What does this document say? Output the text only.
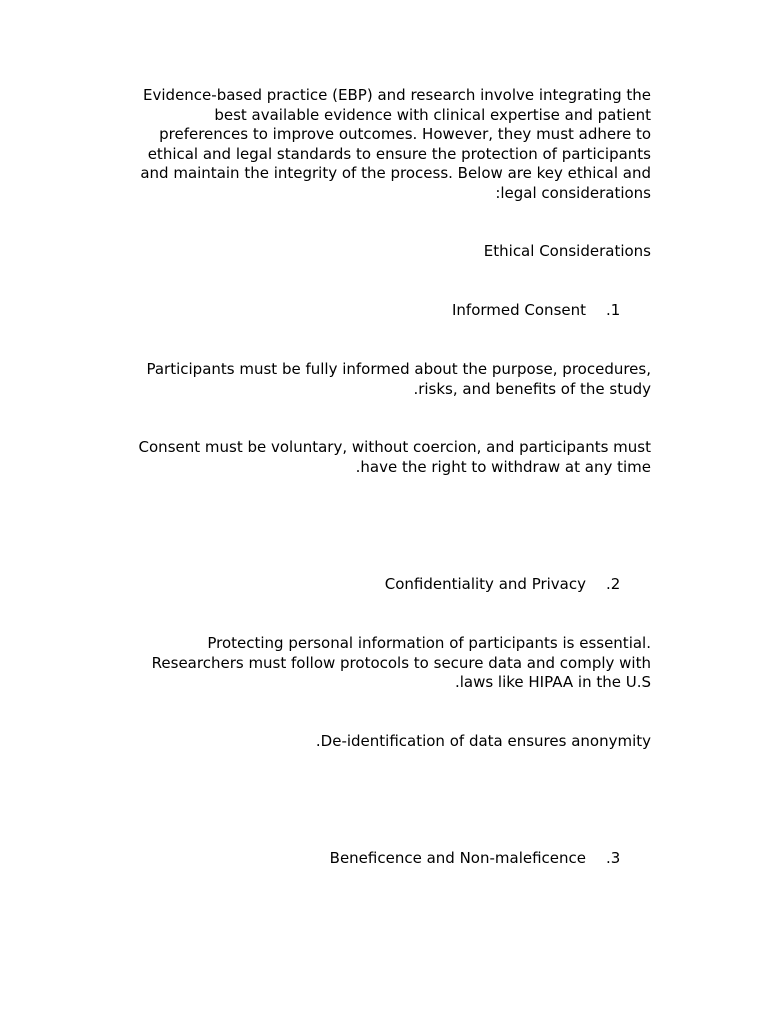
Evidence-based practice (EBP) and research involve integrating the
best available evidence with clinical expertise and patient
preferences to improve outcomes. However, they must adhere to
ethical and legal standards to ensure the protection of participants
and maintain the integrity of the process. Below are key ethical and
:legal considerations
Ethical Considerations
Informed Consent .1
Participants must be fully informed about the purpose, procedures,
.risks, and benefits of the study
Consent must be voluntary, without coercion, and participants must
.have the right to withdraw at any time
Confidentiality and Privacy .2
Protecting personal information of participants is essential.
Researchers must follow protocols to secure data and comply with
.laws like HIPAA in the U.S
.De-identification of data ensures anonymity
Beneficence and Non-maleficence .3
